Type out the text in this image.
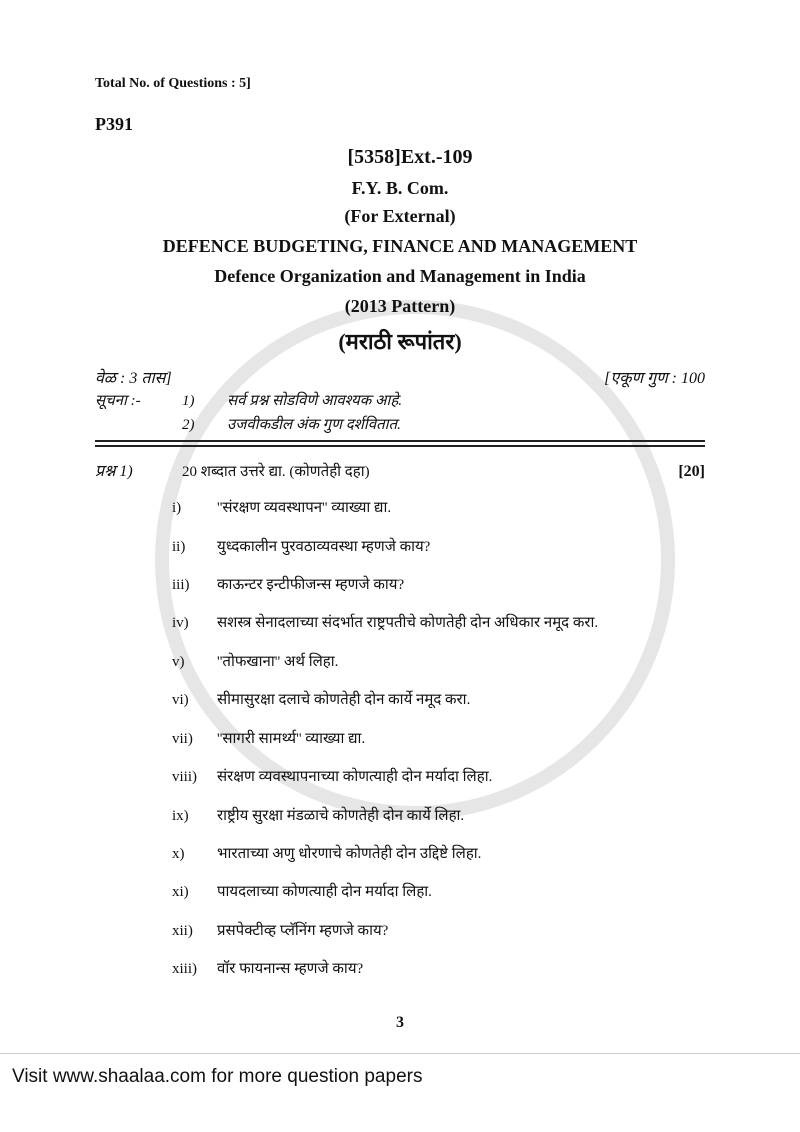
Total No. of Questions : 5]
P391
[5358]Ext.-109
F.Y. B. Com.
(For External)
DEFENCE BUDGETING, FINANCE AND MANAGEMENT
Defence Organization and Management in India
(2013 Pattern)
(मराठी रूपांतर)
वेळ : 3 तास]	[एकूण गुण : 100
सूचना :-	1)	सर्व प्रश्न सोडविणे आवश्यक आहे.
2)	उजवीकडील अंक गुण दर्शवितात.
प्रश्न 1)	20 शब्दात उत्तरे द्या. (कोणतेही दहा)	[20]
i)	''संरक्षण व्यवस्थापन'' व्याख्या द्या.
ii)	युध्दकालीन पुरवठाव्यवस्था म्हणजे काय?
iii)	काऊन्टर इन्टीफीजन्स म्हणजे काय?
iv)	सशस्त्र सेनादलाच्या संदर्भात राष्ट्रपतीचे कोणतेही दोन अधिकार नमूद करा.
v)	''तोफखाना'' अर्थ लिहा.
vi)	सीमासुरक्षा दलाचे कोणतेही दोन कार्ये नमूद करा.
vii)	''सागरी सामर्थ्य'' व्याख्या द्या.
viii)	संरक्षण व्यवस्थापनाच्या कोणत्याही दोन मर्यादा लिहा.
ix)	राष्ट्रीय सुरक्षा मंडळाचे कोणतेही दोन कार्ये लिहा.
x)	भारताच्या अणु धोरणाचे कोणतेही दोन उद्दिष्टे लिहा.
xi)	पायदलाच्या कोणत्याही दोन मर्यादा लिहा.
xii)	प्रसपेक्टीव्ह प्लॅनिंग म्हणजे काय?
xiii)	वॉर फायनान्स म्हणजे काय?
3
Visit www.shaalaa.com for more question papers
